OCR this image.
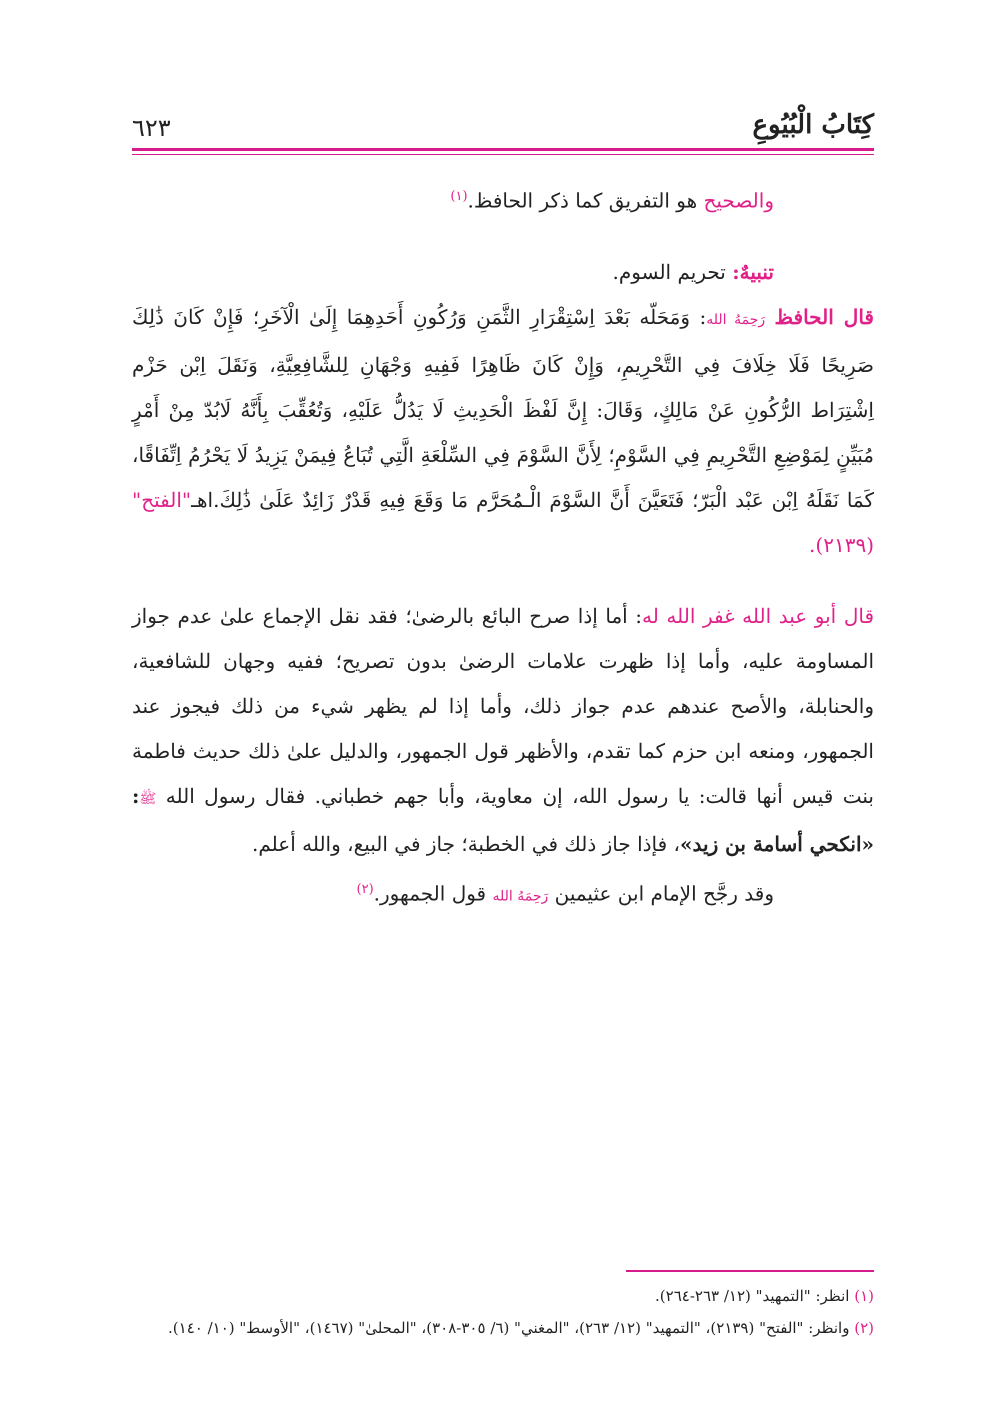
كِتَابُ الْبُيُوعِ
٦٢٣

والصحيح هو التفريق كما ذكر الحافظ.$^{(١)}$

تنبيهٌ: تحريم السوم.

قال الحافظ رَحِمَهُ الله: وَمَحَلّه بَعْدَ اِسْتِقْرَارِ الثَّمَنِ وَرُكُونِ أَحَدِهِمَا إِلَىٰ الْآخَرِ؛ فَإِنْ كَانَ ذَٰلِكَ صَرِيحًا فَلَا خِلَافَ فِي التَّحْرِيمِ، وَإِنْ كَانَ ظَاهِرًا فَفِيهِ وَجْهَانِ لِلشَّافِعِيَّةِ، وَنَقَلَ اِبْن حَزْم اِشْتِرَاط الرُّكُونِ عَنْ مَالِكٍ، وَقَالَ: إِنَّ لَفْظَ الْحَدِيثِ لَا يَدُلُّ عَلَيْهِ، وَتُعُقِّبَ بِأَنَّهُ لَابُدّ مِنْ أَمْرٍ مُبَيِّنٍ لِمَوْضِعِ التَّحْرِيمِ فِي السَّوْمِ؛ لِأَنَّ السَّوْمَ فِي السِّلْعَةِ الَّتِي تُبَاعُ فِيمَنْ يَزِيدُ لَا يَحْرُمُ اِتِّفَاقًا، كَمَا نَقَلَهُ اِبْن عَبْد الْبَرّ؛ فَتَعَيَّنَ أَنَّ السَّوْمَ الْـمُحَرَّم مَا وَقَعَ فِيهِ قَدْرٌ زَائِدٌ عَلَىٰ ذَٰلِكَ.اهـ"الفتح" (٢١٣٩).

قال أبو عبد الله غفر الله له: أما إذا صرح البائع بالرضىٰ؛ فقد نقل الإجماع علىٰ عدم جواز المساومة عليه، وأما إذا ظهرت علامات الرضىٰ بدون تصريح؛ ففيه وجهان للشافعية، والحنابلة، والأصح عندهم عدم جواز ذلك، وأما إذا لم يظهر شيء من ذلك فيجوز عند الجمهور، ومنعه ابن حزم كما تقدم، والأظهر قول الجمهور، والدليل علىٰ ذلك حديث فاطمة بنت قيس أنها قالت: يا رسول الله، إن معاوية، وأبا جهم خطباني. فقال رسول الله ﷺ: «انكحي أسامة بن زيد»، فإذا جاز ذلك في الخطبة؛ جاز في البيع، والله أعلم.

وقد رجَّح الإمام ابن عثيمين رَحِمَهُ الله قول الجمهور.$^{(٢)}$

(١) انظر: "التمهيد" (١٢/ ٢٦٣-٢٦٤).
(٢) وانظر: "الفتح" (٢١٣٩)، "التمهيد" (١٢/ ٢٦٣)، "المغني" (٦/ ٣٠٥-٣٠٨)، "المحلىٰ" (١٤٦٧)، "الأوسط" (١٠/ ١٤٠).
